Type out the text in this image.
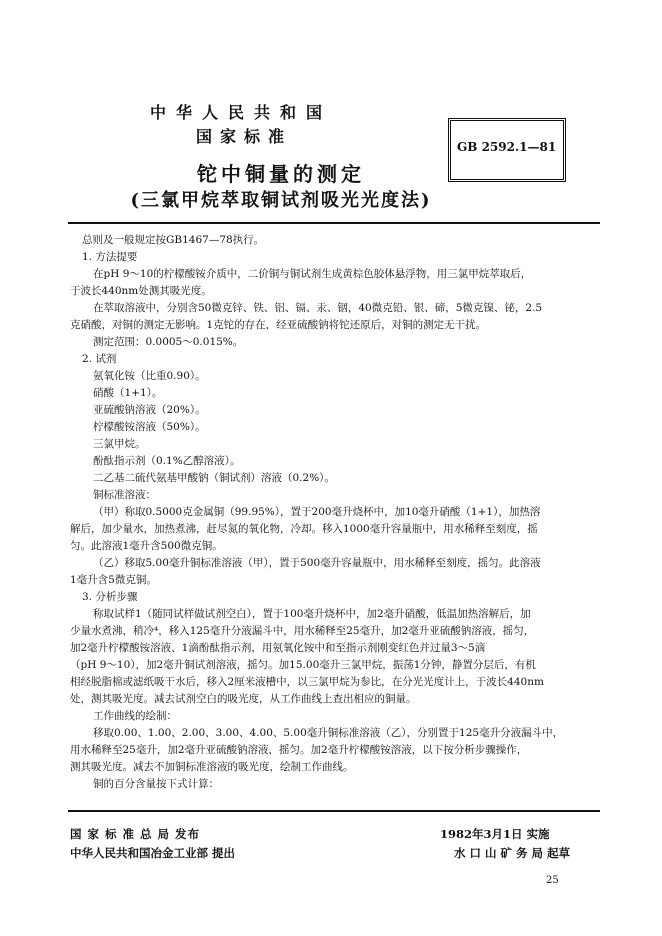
中华人民共和国
国家标准
GB 2592.1—81
铊中铜量的测定
(三氯甲烷萃取铜试剂吸光光度法)
总则及一般规定按GB1467—78执行。
1. 方法提要
在pH 9～10的柠檬酸铵介质中，二价铜与铜试剂生成黄棕色胶体悬浮物，用三氯甲烷萃取后，
于波长440nm处测其吸光度。
在萃取溶液中，分别含50微克锌、铁、铝、镉、汞、铟，40微克铅、银、碲，5微克镍、铋，2.5
克硝酸，对铜的测定无影响。1克铊的存在，经亚硫酸钠将铊还原后，对铜的测定无干扰。
测定范围：0.0005～0.015%。
2. 试剂
氨氧化铵（比重0.90）。
硝酸（1+1）。
亚硫酸钠溶液（20%）。
柠檬酸铵溶液（50%）。
三氯甲烷。
酚酞指示剂（0.1%乙醇溶液）。
二乙基二硫代氨基甲酸钠（铜试剂）溶液（0.2%）。
铜标准溶液：
（甲）称取0.5000克金属铜（99.95%），置于200毫升烧杯中，加10毫升硝酸（1+1），加热溶
解后，加少量水，加热煮沸，赶尽氮的氧化物，冷却。移入1000毫升容量瓶中，用水稀释至刻度，摇
匀。此溶液1毫升含500微克铜。
（乙）移取5.00毫升铜标准溶液（甲），置于500毫升容量瓶中，用水稀释至刻度，摇匀。此溶液
1毫升含5微克铜。
3. 分析步骤
称取试样1（随同试样做试剂空白），置于100毫升烧杯中，加2毫升硝酸，低温加热溶解后，加
少量水煮沸，稍冷⁴，移入125毫升分液漏斗中，用水稀释至25毫升，加2毫升亚硫酸钠溶液，摇匀，
加2毫升柠檬酸铵溶液、1滴酚酞指示剂，用氨氧化铵中和至指示剂刚变红色并过量3～5滴
（pH 9～10），加2毫升铜试剂溶液，摇匀。加15.00毫升三氯甲烷，振荡1分钟，静置分层后，有机
相经脱脂棉或滤纸吸干水后，移入2厘米液槽中，以三氯甲烷为参比，在分光光度计上，于波长440nm
处，测其吸光度。减去试剂空白的吸光度，从工作曲线上查出相应的铜量。
工作曲线的绘制：
移取0.00、1.00、2.00、3.00、4.00、5.00毫升铜标准溶液（乙），分别置于125毫升分液漏斗中，
用水稀释至25毫升，加2毫升亚硫酸钠溶液，摇匀。加2毫升柠檬酸铵溶液，以下按分析步骤操作，
测其吸光度。减去不加铜标准溶液的吸光度，绘制工作曲线。
铜的百分含量按下式计算：
国 家 标 准 总 局 发布	1982年3月1日 实施
中华人民共和国冶金工业部 提出	水 口 山 矿 务 局 起草
25
